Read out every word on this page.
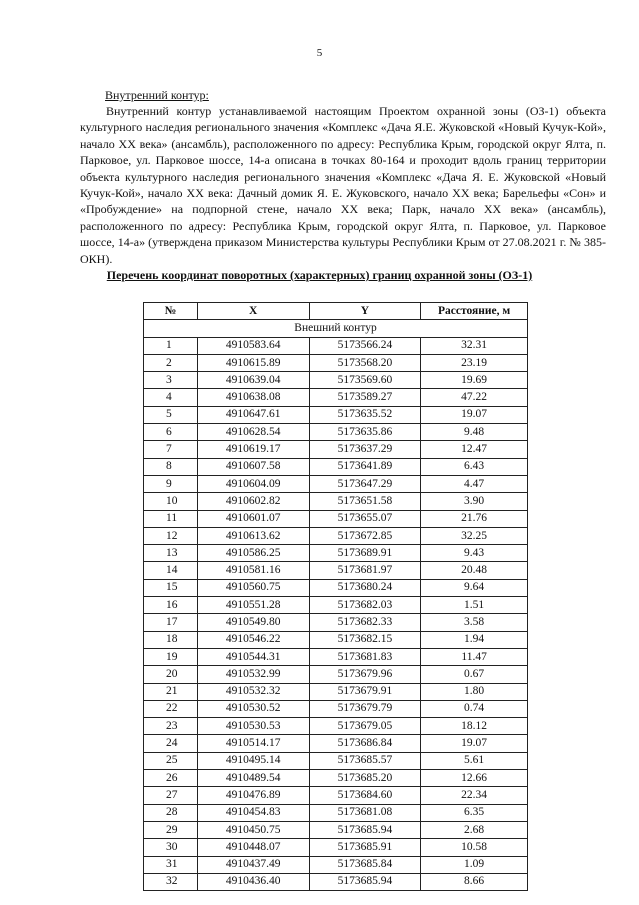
5
Внутренний контур:

Внутренний контур устанавливаемой настоящим Проектом охранной зоны (ОЗ-1) объекта культурного наследия регионального значения «Комплекс «Дача Я.Е. Жуковской «Новый Кучук-Кой», начало XX века» (ансамбль), расположенного по адресу: Республика Крым, городской округ Ялта, п. Парковое, ул. Парковое шоссе, 14-а описана в точках 80-164 и проходит вдоль границ территории объекта культурного наследия регионального значения «Комплекс «Дача Я. Е. Жуковской «Новый Кучук-Кой», начало XX века: Дачный домик Я. Е. Жуковского, начало XX века; Барельефы «Сон» и «Пробуждение» на подпорной стене, начало XX века; Парк, начало XX века» (ансамбль), расположенного по адресу: Республика Крым, городской округ Ялта, п. Парковое, ул. Парковое шоссе, 14-а» (утверждена приказом Министерства культуры Республики Крым от 27.08.2021 г. № 385-ОКН).

Перечень координат поворотных (характерных) границ охранной зоны (ОЗ-1)
№	X	Y	Расстояние, м
Внешний контур			
1	4910583.64	5173566.24	32.31
2	4910615.89	5173568.20	23.19
3	4910639.04	5173569.60	19.69
4	4910638.08	5173589.27	47.22
5	4910647.61	5173635.52	19.07
6	4910628.54	5173635.86	9.48
7	4910619.17	5173637.29	12.47
8	4910607.58	5173641.89	6.43
9	4910604.09	5173647.29	4.47
10	4910602.82	5173651.58	3.90
11	4910601.07	5173655.07	21.76
12	4910613.62	5173672.85	32.25
13	4910586.25	5173689.91	9.43
14	4910581.16	5173681.97	20.48
15	4910560.75	5173680.24	9.64
16	4910551.28	5173682.03	1.51
17	4910549.80	5173682.33	3.58
18	4910546.22	5173682.15	1.94
19	4910544.31	5173681.83	11.47
20	4910532.99	5173679.96	0.67
21	4910532.32	5173679.91	1.80
22	4910530.52	5173679.79	0.74
23	4910530.53	5173679.05	18.12
24	4910514.17	5173686.84	19.07
25	4910495.14	5173685.57	5.61
26	4910489.54	5173685.20	12.66
27	4910476.89	5173684.60	22.34
28	4910454.83	5173681.08	6.35
29	4910450.75	5173685.94	2.68
30	4910448.07	5173685.91	10.58
31	4910437.49	5173685.84	1.09
32	4910436.40	5173685.94	8.66
